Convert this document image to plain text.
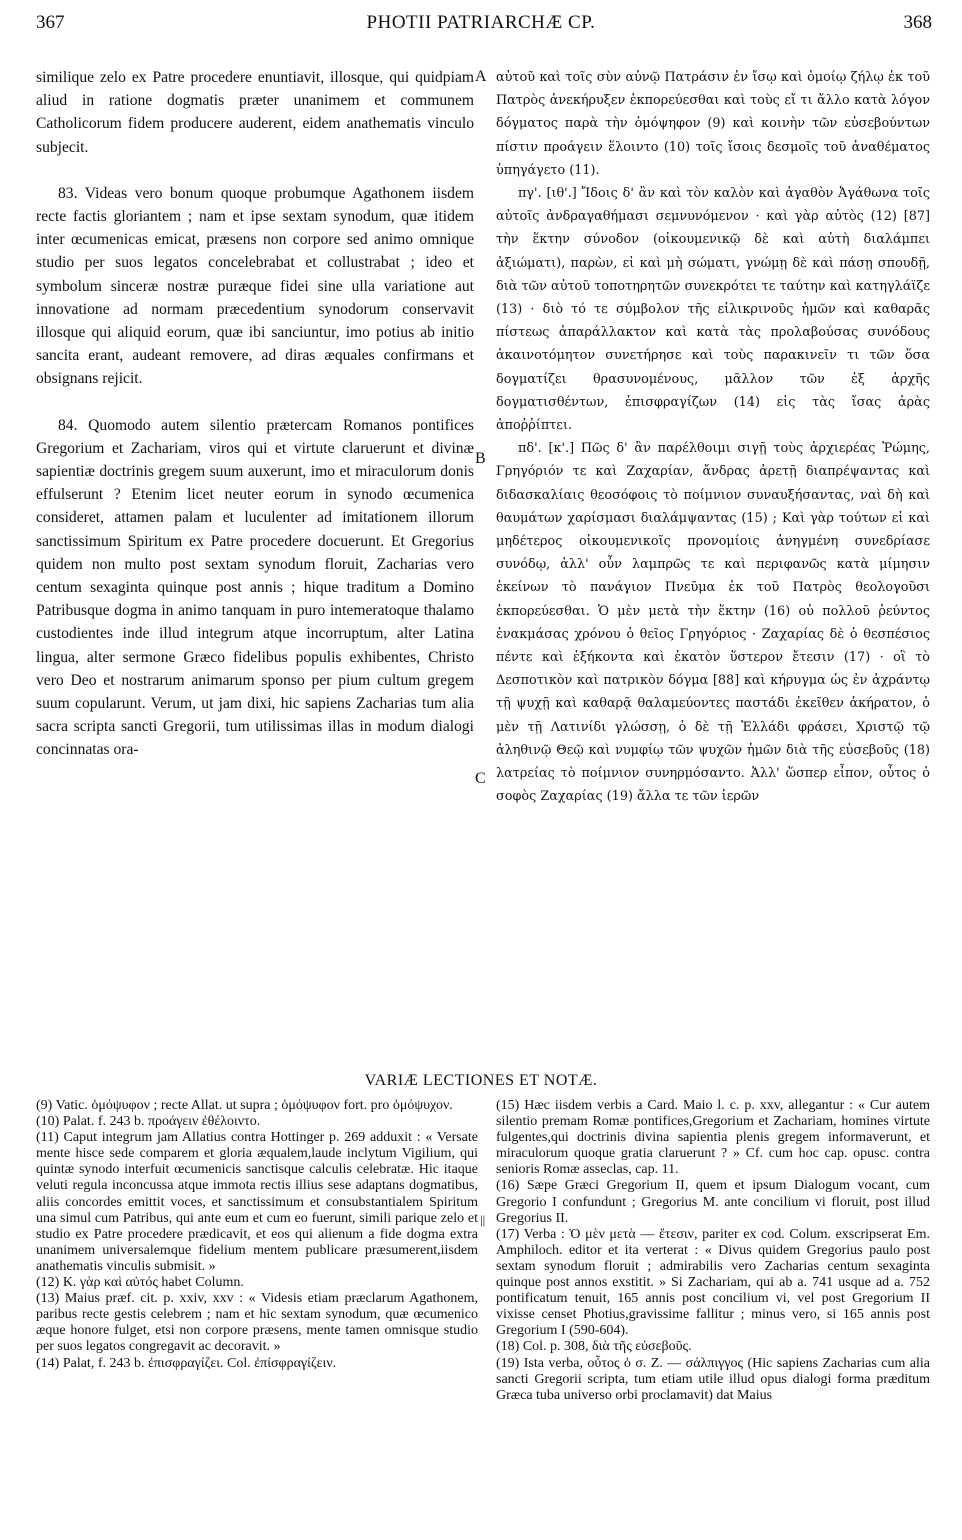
367	PHOTII PATRIARCHÆ CP.	368

similique zelo ex Patre procedere enuntiavit, illosque, qui quidpiam aliud in ratione dogmatis præter unanimem et communem Catholicorum fidem producere auderent, eidem anathematis vinculo subjecit.

83. Videas vero bonum quoque probumque Agathonem iisdem recte factis gloriantem ; nam et ipse sextam synodum, quæ itidem inter œcumenicas emicat, præsens non corpore sed animo omnique studio per suos legatos concelebrabat et collustrabat ; ideo et symbolum sinceræ nostræ puræque fidei sine ulla variatione aut innovatione ad normam præcedentium synodorum conservavit illosque qui aliquid eorum, quæ ibi sanciuntur, imo potius ab initio sancita erant, audeant removere, ad diras æquales confirmans et obsignans rejicit.

84. Quomodo autem silentio prætercam Romanos pontifices Gregorium et Zachariam, viros qui et virtute claruerunt et divinæ sapientiæ doctrinis gregem suum auxerunt, imo et miraculorum donis effulserunt ? Etenim licet neuter eorum in synodo œcumenica consideret, attamen palam et luculenter ad imitationem illorum sanctissimum Spiritum ex Patre procedere docuerunt. Et Gregorius quidem non multo post sextam synodum floruit, Zacharias vero centum sexaginta quinque post annis ; hique traditum a Domino Patribusque dogma in animo tanquam in puro intemeratoque thalamo custodientes inde illud integrum atque incorruptum, alter Latina lingua, alter sermone Græco fidelibus populis exhibentes, Christo vero Deo et nostrarum animarum sponso per pium cultum gregem suum copularunt. Verum, ut jam dixi, hic sapiens Zacharias tum alia sacra scripta sancti Gregorii, tum utilissimas illas in modum dialogi concinnatas ora-

A
B
C

αὐτοῦ καὶ τοῖς σὺν αὐνῷ Πατράσιν ἐν ἴσῳ καὶ ὁμοίῳ ζήλῳ ἐκ τοῦ Πατρὸς ἀνεκήρυξεν ἐκπορεύεσθαι καὶ τοὺς εἴ τι ἄλλο κατὰ λόγον δόγματος παρὰ τὴν ὁμόψηφον (9) καὶ κοινὴν τῶν εὐσεβούντων πίστιν προάγειν ἕλοιντο (10) τοῖς ἴσοις δεσμοῖς τοῦ ἀναθέματος ὑπηγάγετο (11).

πγ'. [ιθ'.] Ἴδοις δ' ἂν καὶ τὸν καλὸν καὶ ἀγαθὸν Ἀγάθωνα τοῖς αὐτοῖς ἀνδραγαθήμασι σεμνυνόμενον · καὶ γὰρ αὐτὸς (12) [87] τὴν ἕκτην σύνοδον (οἰκουμενικῷ δὲ καὶ αὐτὴ διαλάμπει ἀξιώματι), παρὼν, εἰ καὶ μὴ σώματι, γνώμῃ δὲ καὶ πάσῃ σπουδῇ, διὰ τῶν αὐτοῦ τοποτηρητῶν συνεκρότει τε ταύτην καὶ κατηγλάϊζε (13) · διὸ τό τε σύμβολον τῆς εἰλικρινοῦς ἡμῶν καὶ καθαρᾶς πίστεως ἀπαράλλακτον καὶ κατὰ τὰς προλαβούσας συνόδους ἀκαινοτόμητον συνετήρησε καὶ τοὺς παρακινεῖν τι τῶν ὅσα δογματίζει θρασυνομένους, μᾶλλον τῶν ἐξ ἀρχῆς δογματισθέντων, ἐπισφραγίζων (14) εἰς τὰς ἴσας ἀρὰς ἀποῤῥίπτει.

πδ'. [κ'.] Πῶς δ' ἂν παρέλθοιμι σιγῇ τοὺς ἀρχιερέας Ῥώμης, Γρηγόριόν τε καὶ Ζαχαρίαν, ἄνδρας ἀρετῇ διαπρέψαντας καὶ διδασκαλίαις θεοσόφοις τὸ ποίμνιον συναυξήσαντας, ναὶ δὴ καὶ θαυμάτων χαρίσμασι διαλάμψαντας (15) ; Καὶ γὰρ τούτων εἰ καὶ μηδέτερος οἰκουμενικοῖς προνομίοις ἀνηγμένη συνεδρίασε συνόδῳ, ἀλλ' οὖν λαμπρῶς τε καὶ περιφανῶς κατὰ μίμησιν ἐκείνων τὸ πανάγιον Πνεῦμα ἐκ τοῦ Πατρὸς θεολογοῦσι ἐκπορεύεσθαι. Ὁ μὲν μετὰ τὴν ἕκτην (16) οὐ πολλοῦ ῥεύντος ἐνακμάσας χρόνου ὁ θεῖος Γρηγόριος · Ζαχαρίας δὲ ὁ θεσπέσιος πέντε καὶ ἑξήκοντα καὶ ἑκατὸν ὕστερον ἔτεσιν (17) · οἳ τὸ Δεσποτικὸν καὶ πατρικὸν δόγμα [88] καὶ κήρυγμα ὡς ἐν ἀχράντῳ τῇ ψυχῇ καὶ καθαρᾷ θαλαμεύοντες παστάδι ἐκεῖθεν ἀκήρατον, ὁ μὲν τῇ Λατινίδι γλώσσῃ, ὁ δὲ τῇ Ἑλλάδι φράσει, Χριστῷ τῷ ἀληθινῷ Θεῷ καὶ νυμφίῳ τῶν ψυχῶν ἡμῶν διὰ τῆς εὐσεβοῦς (18) λατρείας τὸ ποίμνιον συνηρμόσαντο. Ἀλλ' ὥσπερ εἶπον, οὗτος ὁ σοφὸς Ζαχαρίας (19) ἄλλα τε τῶν ἱερῶν

VARIÆ LECTIONES ET NOTÆ.

(9) Vatic. ὁμόψυφον ; recte Allat. ut supra ; ὁμόψυφον fort. pro ὁμόψυχον.

(10) Palat. f. 243 b. προάγειν ἐθέλοιντο.

(11) Caput integrum jam Allatius contra Hottinger p. 269 adduxit : « Versate mente hisce sede comparem et gloria æqualem,laude inclytum Vigilium, qui quintæ synodo interfuit œcumenicis sanctisque calculis celebratæ. Hic itaque veluti regula inconcussa atque immota rectis illius sese adaptans dogmatibus, aliis concordes emittit voces, et sanctissimum et consubstantialem Spiritum una simul cum Patribus, qui ante eum et cum eo fuerunt, simili parique zelo et studio ex Patre procedere prædicavit, et eos qui alienum a fide dogma extra unanimem universalemque fidelium mentem publicare præsumerent,iisdem anathematis vinculis submisit. »

(12) K. γὰρ καὶ αὐτός habet Column.

(13) Maius præf. cit. p. xxiv, xxv : « Videsis etiam præclarum Agathonem, paribus recte gestis celebrem ; nam et hic sextam synodum, quæ œcumenico æque honore fulget, etsi non corpore præsens, mente tamen omnisque studio per suos legatos congregavit ac decoravit. »

(14) Palat, f. 243 b. ἐπισφραγίζει. Col. ἐπίσφραγίζειν.

||

(15) Hæc iisdem verbis a Card. Maio l. c. p. xxv, allegantur : « Cur autem silentio premam Romæ pontifices,Gregorium et Zachariam, homines virtute fulgentes,qui doctrinis divina sapientia plenis gregem informaverunt, et miraculorum quoque gratia claruerunt ? » Cf. cum hoc cap. opusc. contra senioris Romæ asseclas, cap. 11.

(16) Sæpe Græci Gregorium II, quem et ipsum Dialogum vocant, cum Gregorio I confundunt ; Gregorius M. ante concilium vi floruit, post illud Gregorius II.

(17) Verba : Ὁ μὲν μετὰ — ἔτεσιν, pariter ex cod. Colum. exscripserat Em. Amphiloch. editor et ita verterat : « Divus quidem Gregorius paulo post sextam synodum floruit ; admirabilis vero Zacharias centum sexaginta quinque post annos exstitit. » Si Zachariam, qui ab a. 741 usque ad a. 752 pontificatum tenuit, 165 annis post concilium vi, vel post Gregorium II vixisse censet Photius,gravissime fallitur ; minus vero, si 165 annis post Gregorium I (590-604).

(18) Col. p. 308, διὰ τῆς εὐσεβοῦς.

(19) Ista verba, οὗτος ὁ σ. Ζ. — σάλπιγγος (Hic sapiens Zacharias cum alia sancti Gregorii scripta, tum etiam utile illud opus dialogi forma præditum Græca tuba universo orbi proclamavit) dat Maius
